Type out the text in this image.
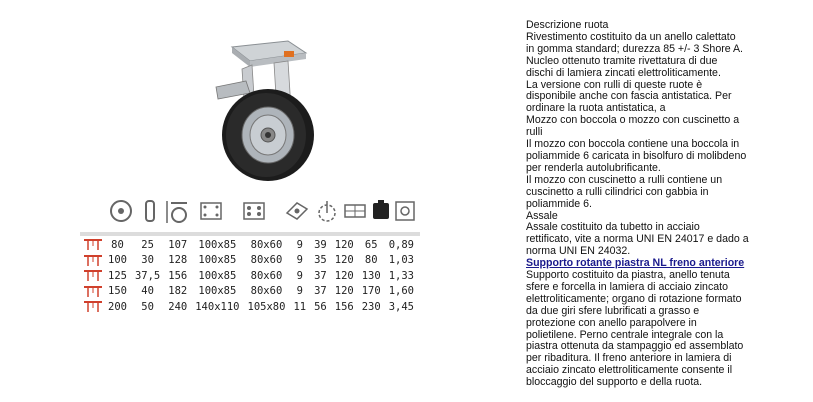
80	25	107	100x85	80x60	9	39	120	65	0,89
100	30	128	100x85	80x60	9	35	120	80	1,03
125	37,5	156	100x85	80x60	9	37	120	130	1,33
150	40	182	100x85	80x60	9	37	120	170	1,60
200	50	240	140x110	105x80	11	56	156	230	3,45

Descrizione ruota

Rivestimento costituito da un anello calettato

in gomma standard; durezza 85 +/- 3 Shore A.

Nucleo ottenuto tramite rivettatura di due

dischi di lamiera zincati elettroliticamente.

La versione con rulli di queste ruote è

disponibile anche con fascia antistatica. Per

ordinare la ruota antistatica, a

Mozzo con boccola o mozzo con cuscinetto a

rulli

Il mozzo con boccola contiene una boccola in

poliammide 6 caricata in bisolfuro di molibdeno

per renderla autolubrificante.

Il mozzo con cuscinetto a rulli contiene un

cuscinetto a rulli cilindrici con gabbia in

poliammide 6.

Assale

Assale costituito da tubetto in acciaio

rettificato, vite a norma UNI EN 24017 e dado a

norma UNI EN 24032.

Supporto rotante piastra NL freno anteriore

Supporto costituito da piastra, anello tenuta

sfere e forcella in lamiera di acciaio zincato

elettroliticamente; organo di rotazione formato

da due giri sfere lubrificati a grasso e

protezione con anello parapolvere in

polietilene. Perno centrale integrale con la

piastra ottenuta da stampaggio ed assemblato

per ribaditura. Il freno anteriore in lamiera di

acciaio zincato elettroliticamente consente il

bloccaggio del supporto e della ruota.
